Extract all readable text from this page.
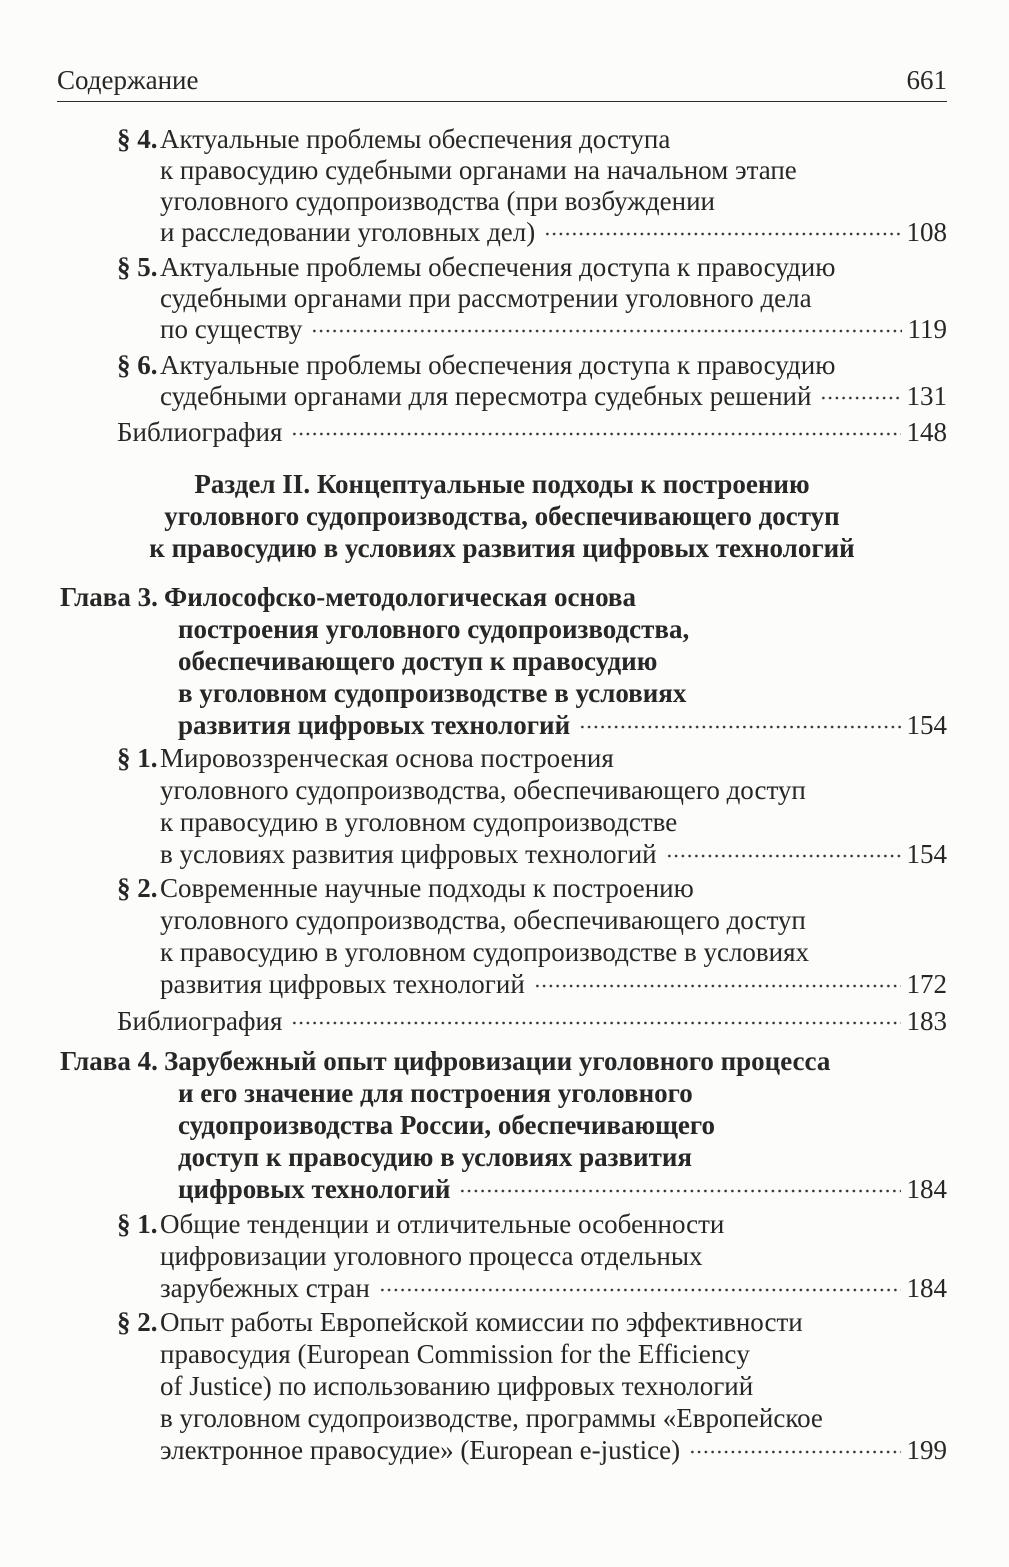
Содержание	661
§ 4.Актуальные проблемы обеспечения доступа
к правосудию судебными органами на начальном этапе
уголовного судопроизводства (при возбуждении
и расследовании уголовных дел)	108
§ 5.Актуальные проблемы обеспечения доступа к правосудию
судебными органами при рассмотрении уголовного дела
по существу	119
§ 6.Актуальные проблемы обеспечения доступа к правосудию
судебными органами для пересмотра судебных решений	131
Библиография	148
Раздел II. Концептуальные подходы к построению
уголовного судопроизводства, обеспечивающего доступ
к правосудию в условиях развития цифровых технологий
Глава 3. Философско-методологическая основа
построения уголовного судопроизводства,
обеспечивающего доступ к правосудию
в уголовном судопроизводстве в условиях
развития цифровых технологий	154
§ 1.Мировоззренческая основа построения
уголовного судопроизводства, обеспечивающего доступ
к правосудию в уголовном судопроизводстве
в условиях развития цифровых технологий	154
§ 2.Современные научные подходы к построению
уголовного судопроизводства, обеспечивающего доступ
к правосудию в уголовном судопроизводстве в условиях
развития цифровых технологий	172
Библиография	183
Глава 4. Зарубежный опыт цифровизации уголовного процесса
и его значение для построения уголовного
судопроизводства России, обеспечивающего
доступ к правосудию в условиях развития
цифровых технологий	184
§ 1.Общие тенденции и отличительные особенности
цифровизации уголовного процесса отдельных
зарубежных стран	184
§ 2.Опыт работы Европейской комиссии по эффективности
правосудия (European Commission for the Efficiency
of Justice) по использованию цифровых технологий
в уголовном судопроизводстве, программы «Европейское
электронное правосудие» (European e-justice)	199
